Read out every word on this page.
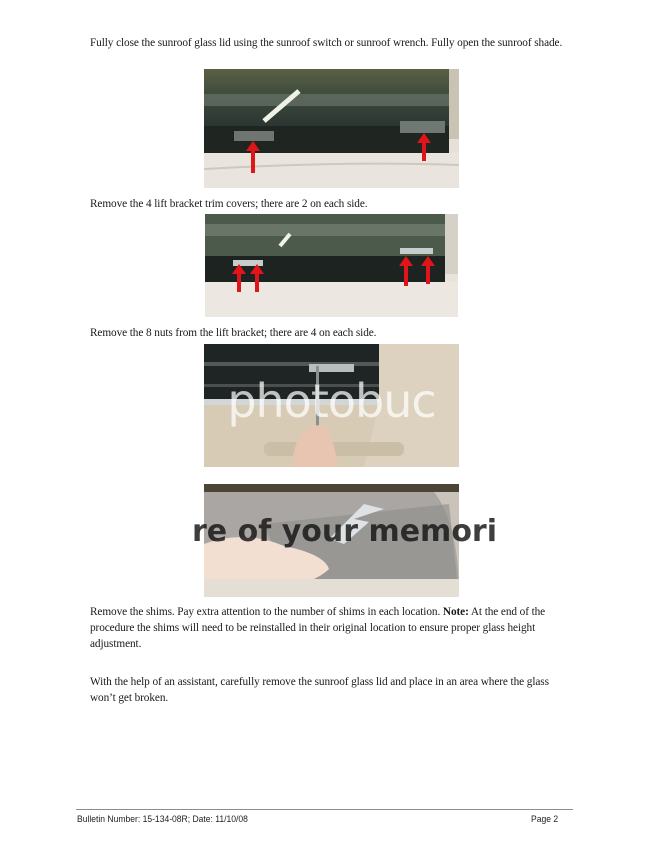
Fully close the sunroof glass lid using the sunroof switch or sunroof wrench. Fully open the sunroof shade.
Remove the 4 lift bracket trim covers; there are 2 on each side.
Remove the 8 nuts from the lift bracket; there are 4 on each side.
photobuc
re of your memori
Remove the shims. Pay extra attention to the number of shims in each location. Note: At the end of the procedure the shims will need to be reinstalled in their original location to ensure proper glass height adjustment.
With the help of an assistant, carefully remove the sunroof glass lid and place in an area where the glass won’t get broken.
Bulletin Number: 15-134-08R; Date: 11/10/08	Page 2
